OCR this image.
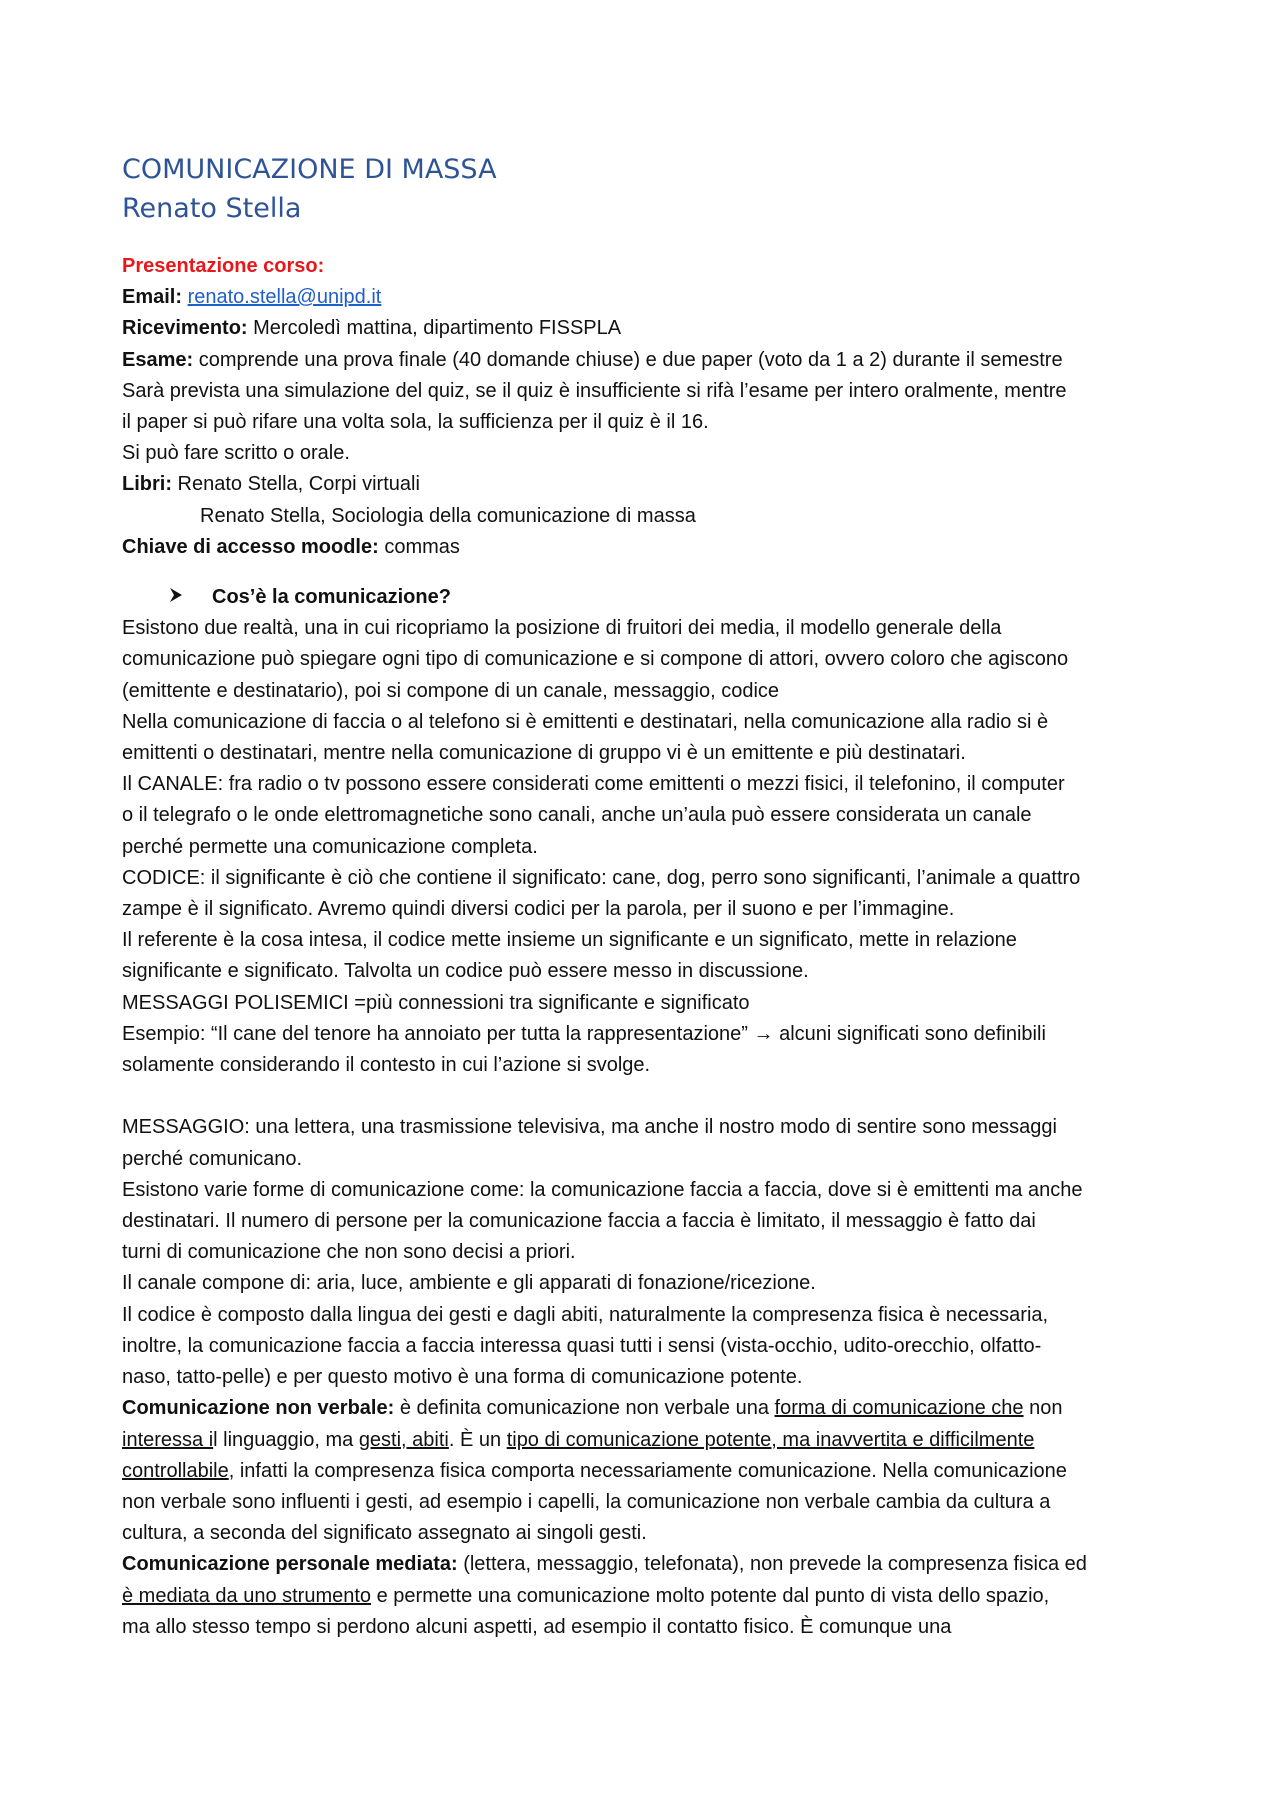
COMUNICAZIONE DI MASSA
Renato Stella

Presentazione corso:

Email: renato.stella@unipd.it

Ricevimento: Mercoledì mattina, dipartimento FISSPLA

Esame: comprende una prova finale (40 domande chiuse) e due paper (voto da 1 a 2) durante il semestre

Sarà prevista una simulazione del quiz, se il quiz è insufficiente si rifà l’esame per intero oralmente, mentre

il paper si può rifare una volta sola, la sufficienza per il quiz è il 16.

Si può fare scritto o orale.

Libri: Renato Stella, Corpi virtuali

Renato Stella, Sociologia della comunicazione di massa

Chiave di accesso moodle: commas

Cos’è la comunicazione?

Esistono due realtà, una in cui ricopriamo la posizione di fruitori dei media, il modello generale della

comunicazione può spiegare ogni tipo di comunicazione e si compone di attori, ovvero coloro che agiscono

(emittente e destinatario), poi si compone di un canale, messaggio, codice

Nella comunicazione di faccia o al telefono si è emittenti e destinatari, nella comunicazione alla radio si è

emittenti o destinatari, mentre nella comunicazione di gruppo vi è un emittente e più destinatari.

Il CANALE: fra radio o tv possono essere considerati come emittenti o mezzi fisici, il telefonino, il computer

o il telegrafo o le onde elettromagnetiche sono canali, anche un’aula può essere considerata un canale

perché permette una comunicazione completa.

CODICE: il significante è ciò che contiene il significato: cane, dog, perro sono significanti, l’animale a quattro

zampe è il significato. Avremo quindi diversi codici per la parola, per il suono e per l’immagine.

Il referente è la cosa intesa, il codice mette insieme un significante e un significato, mette in relazione

significante e significato. Talvolta un codice può essere messo in discussione.

MESSAGGI POLISEMICI =più connessioni tra significante e significato

Esempio: “Il cane del tenore ha annoiato per tutta la rappresentazione” → alcuni significati sono definibili

solamente considerando il contesto in cui l’azione si svolge.

MESSAGGIO: una lettera, una trasmissione televisiva, ma anche il nostro modo di sentire sono messaggi

perché comunicano.

Esistono varie forme di comunicazione come: la comunicazione faccia a faccia, dove si è emittenti ma anche

destinatari. Il numero di persone per la comunicazione faccia a faccia è limitato, il messaggio è fatto dai

turni di comunicazione che non sono decisi a priori.

Il canale compone di: aria, luce, ambiente e gli apparati di fonazione/ricezione.

Il codice è composto dalla lingua dei gesti e dagli abiti, naturalmente la compresenza fisica è necessaria,

inoltre, la comunicazione faccia a faccia interessa quasi tutti i sensi (vista-occhio, udito-orecchio, olfatto-

naso, tatto-pelle) e per questo motivo è una forma di comunicazione potente.

Comunicazione non verbale: è definita comunicazione non verbale una forma di comunicazione che non

interessa il linguaggio, ma gesti, abiti. È un tipo di comunicazione potente, ma inavvertita e difficilmente

controllabile, infatti la compresenza fisica comporta necessariamente comunicazione. Nella comunicazione

non verbale sono influenti i gesti, ad esempio i capelli, la comunicazione non verbale cambia da cultura a

cultura, a seconda del significato assegnato ai singoli gesti.

Comunicazione personale mediata: (lettera, messaggio, telefonata), non prevede la compresenza fisica ed

è mediata da uno strumento e permette una comunicazione molto potente dal punto di vista dello spazio,

ma allo stesso tempo si perdono alcuni aspetti, ad esempio il contatto fisico. È comunque una
